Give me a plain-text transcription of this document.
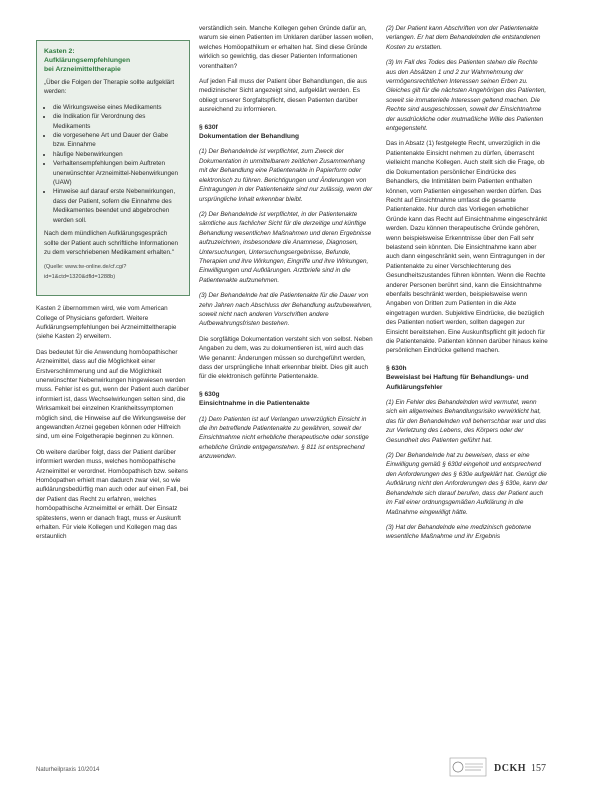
Kasten 2:
Aufklärungsempfehlungen
bei Arzneimitteltherapie

„Über die Folgen der Therapie sollte aufgeklärt werden:

• die Wirkungsweise eines Medikaments
• die Indikation für Verordnung des Medikaments
• die vorgesehene Art und Dauer der Gabe bzw. Einnahme
• häufige Nebenwirkungen
• Verhaltensempfehlungen beim Auftreten unerwünschter Arzneimittel-Nebenwirkungen (UAW)
• Hinweise auf darauf erste Nebenwirkungen, dass der Patient, sofern die Einnahme des Medikamentes beendet und abgebrochen werden soll.

Nach dem mündlichen Aufklärungsgespräch sollte der Patient auch schriftliche Informationen zu dem verschriebenen Medikament erhalten."

(Quelle: www.tw-online.de/cf.cgi?id=1&ctd=1320&dfld=1288b)

Kasten 2 übernommen wird, wie vom American College of Physicians gefordert. Weitere Aufklärungsempfehlungen bei Arzneimitteltherapie (siehe Kasten 2) erweitern.

Das bedeutet für die Anwendung homöopathischer Arzneimittel, dass auf die Möglichkeit einer Erstverschlimmerung und auf die Möglichkeit unerwünschter Nebenwirkungen hingewiesen werden muss. Fehler ist es gut, wenn der Patient auch darüber informiert ist, dass Wechselwirkungen selten sind, die Wirksamkeit bei einzelnen Krankheitssymptomen möglich sind, die Hinweise auf die Wirkungsweise der angewandten Arznei gegeben können oder Hilfreich sind, um eine Folgetherapie beginnen zu können.

Ob weitere darüber folgt, dass der Patient darüber informiert werden muss, welches homöopathische Arzneimittel er verordnet. Homöopathisch bzw. seitens Homöopathen erhielt man dadurch zwar viel, so wie aufklärungsbedürftig man auch oder auf einen Fall, bei der Patient das Recht zu erfahren, welches homöopathische Arzneimittel er erhält. Der Einsatz spätestens, wenn er danach fragt, muss er Auskunft erhalten. Für viele Kollegen und Kollegen mag das erstaunlich

verständlich sein. Manche Kollegen gehen Gründe dafür an, warum sie einen Patienten im Unklaren darüber lassen wollen, welches Homöopathikum er erhalten hat. Sind diese Gründe wirklich so gewichtig, das dieser Patienten Informationen vorenthalten?

Auf jeden Fall muss der Patient über Behandlungen, die aus medizinischer Sicht angezeigt sind, aufgeklärt werden. Es obliegt unserer Sorgfaltspflicht, diesen Patienten darüber ausreichend zu informieren.

§ 630f
Dokumentation der Behandlung

(1) Der Behandelnde ist verpflichtet, zum Zweck der Dokumentation in unmittelbarem zeitlichen Zusammenhang mit der Behandlung eine Patientenakte in Papierform oder elektronisch zu führen. Berichtigungen und Änderungen von Eintragungen in der Patientenakte sind nur zulässig, wenn der ursprüngliche Inhalt erkennbar bleibt.

(2) Der Behandelnde ist verpflichtet, in der Patientenakte sämtliche aus fachlicher Sicht für die derzeitige und künftige Behandlung wesentlichen Maßnahmen und deren Ergebnisse aufzuzeichnen, insbesondere die Anamnese, Diagnosen, Untersuchungen, Untersuchungsergebnisse, Befunde, Therapien und ihre Wirkungen, Eingriffe und ihre Wirkungen, Einwilligungen und Aufklärungen. Arztbriefe sind in die Patientenakte aufzunehmen.

(3) Der Behandelnde hat die Patientenakte für die Dauer von zehn Jahren nach Abschluss der Behandlung aufzubewahren, soweit nicht nach anderen Vorschriften andere Aufbewahrungsfristen bestehen.

Die sorgfältige Dokumentation versteht sich von selbst. Neben Angaben zu dem, was zu dokumentieren ist, wird auch das Wie genannt: Änderungen müssen so durchgeführt werden, dass der ursprüngliche Inhalt erkennbar bleibt. Dies gilt auch für die elektronisch geführte Patientenakte.

§ 630g
Einsichtnahme in die Patientenakte

(1) Dem Patienten ist auf Verlangen unverzüglich Einsicht in die ihn betreffende Patientenakte zu gewähren, soweit der Einsichtnahme nicht erhebliche therapeutische oder sonstige erhebliche Gründe entgegenstehen. § 811 ist entsprechend anzuwenden.

(2) Der Patient kann Abschriften von der Patientenakte verlangen. Er hat dem Behandelnden die entstandenen Kosten zu erstatten.

(3) Im Fall des Todes des Patienten stehen die Rechte aus den Absätzen 1 und 2 zur Wahrnehmung der vermögensrechtlichen Interessen seinen Erben zu. Gleiches gilt für die nächsten Angehörigen des Patienten, soweit sie immaterielle Interessen geltend machen. Die Rechte sind ausgeschlossen, soweit der Einsichtnahme der ausdrückliche oder mutmaßliche Wille des Patienten entgegensteht.

Das in Absatz (1) festgelegte Recht, unverzüglich in die Patientenakte Einsicht nehmen zu dürfen, überrascht vielleicht manche Kollegen. Auch stellt sich die Frage, ob die Dokumentation persönlicher Eindrücke des Behandlers, die Intimitäten beim Patienten enthalten können, vom Patienten eingesehen werden dürfen. Das Recht auf Einsichtnahme umfasst die gesamte Patientenakte. Nur durch das Vorliegen erheblicher Gründe kann das Recht auf Einsichtnahme eingeschränkt werden. Dazu können therapeutische Gründe gehören, wenn beispielsweise Erkenntnisse über den Fall sehr belastend sein könnten. Die Einsichtnahme kann aber auch dann eingeschränkt sein, wenn Eintragungen in der Patientenakte zu einer Verschlechterung des Gesundheitszustandes führen könnten. Wenn die Rechte anderer Personen berührt sind, kann die Einsichtnahme ebenfalls beschränkt werden, beispielsweise wenn Angaben von Dritten zum Patienten in die Akte eingetragen wurden. Subjektive Eindrücke, die bezüglich des Patienten notiert werden, sollten dagegen zur Einsicht bereitstehen. Eine Auskunftspflicht gilt jedoch für die Patientenakte. Patienten können darüber hinaus keine persönlichen Eindrücke geltend machen.

§ 630h
Beweislast bei Haftung für Behandlungs- und Aufklärungsfehler

(1) Ein Fehler des Behandelnden wird vermutet, wenn sich ein allgemeines Behandlungsrisiko verwirklicht hat, das für den Behandelnden voll beherrschbar war und das zur Verletzung des Lebens, des Körpers oder der Gesundheit des Patienten geführt hat.

(2) Der Behandelnde hat zu beweisen, dass er eine Einwilligung gemäß § 630d eingeholt und entsprechend den Anforderungen des § 630e aufgeklärt hat. Genügt die Aufklärung nicht den Anforderungen des § 630e, kann der Behandelnde sich darauf berufen, dass der Patient auch im Fall einer ordnungsgemäßen Aufklärung in die Maßnahme eingewilligt hätte.

(3) Hat der Behandelnde eine medizinisch gebotene wesentliche Maßnahme und ihr Ergebnis

Naturheilpraxis 10/2014	DCKH 157
